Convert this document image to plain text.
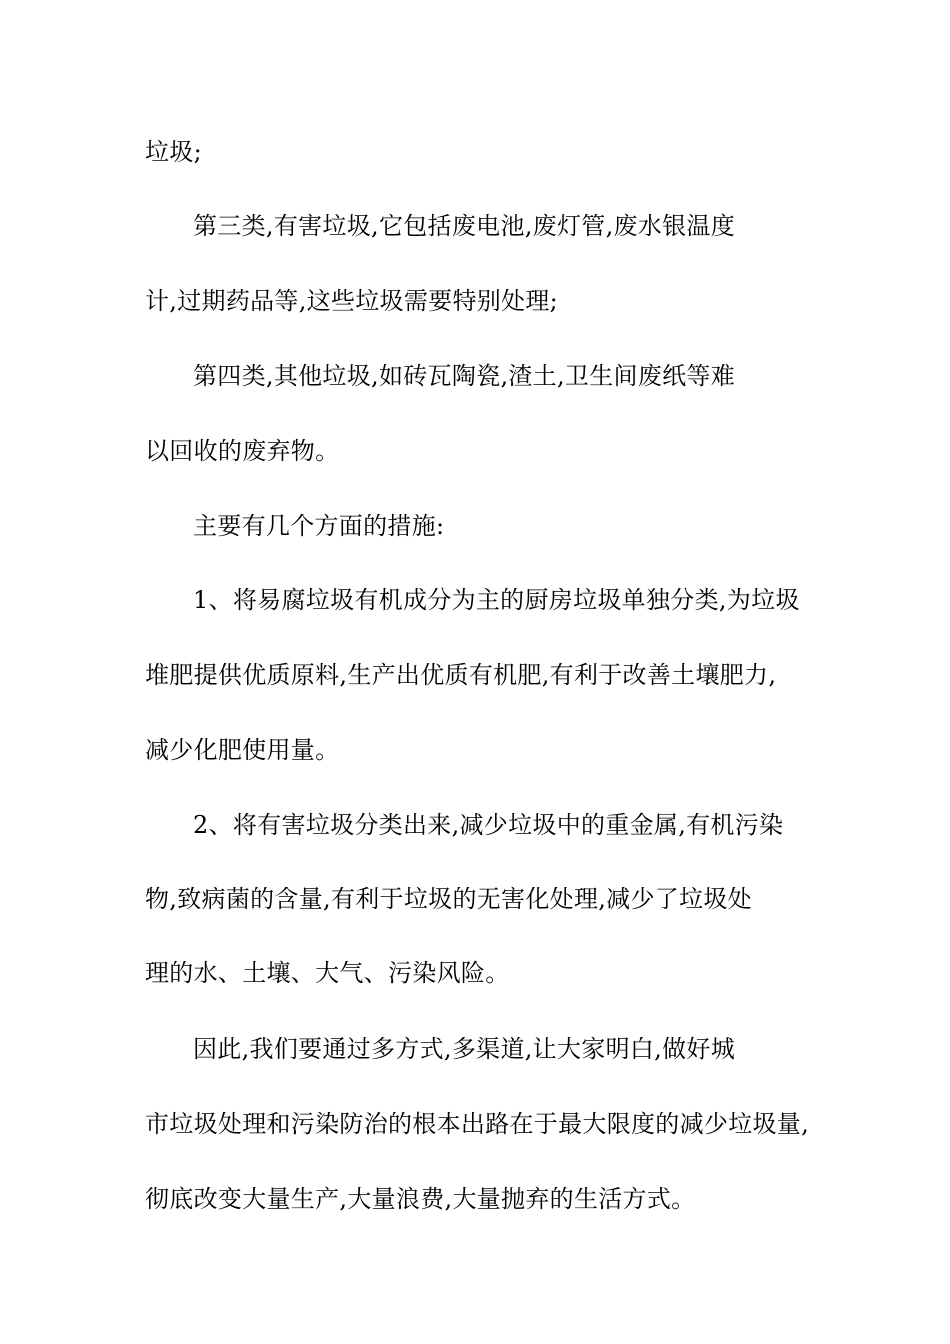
垃圾;
第三类,有害垃圾,它包括废电池,废灯管,废水银温度
计,过期药品等,这些垃圾需要特别处理;
第四类,其他垃圾,如砖瓦陶瓷,渣土,卫生间废纸等难
以回收的废弃物。
主要有几个方面的措施:
1、将易腐垃圾有机成分为主的厨房垃圾单独分类,为垃圾
堆肥提供优质原料,生产出优质有机肥,有利于改善土壤肥力,
减少化肥使用量。
2、将有害垃圾分类出来,减少垃圾中的重金属,有机污染
物,致病菌的含量,有利于垃圾的无害化处理,减少了垃圾处
理的水、土壤、大气、污染风险。
因此,我们要通过多方式,多渠道,让大家明白,做好城
市垃圾处理和污染防治的根本出路在于最大限度的减少垃圾量,
彻底改变大量生产,大量浪费,大量抛弃的生活方式。
